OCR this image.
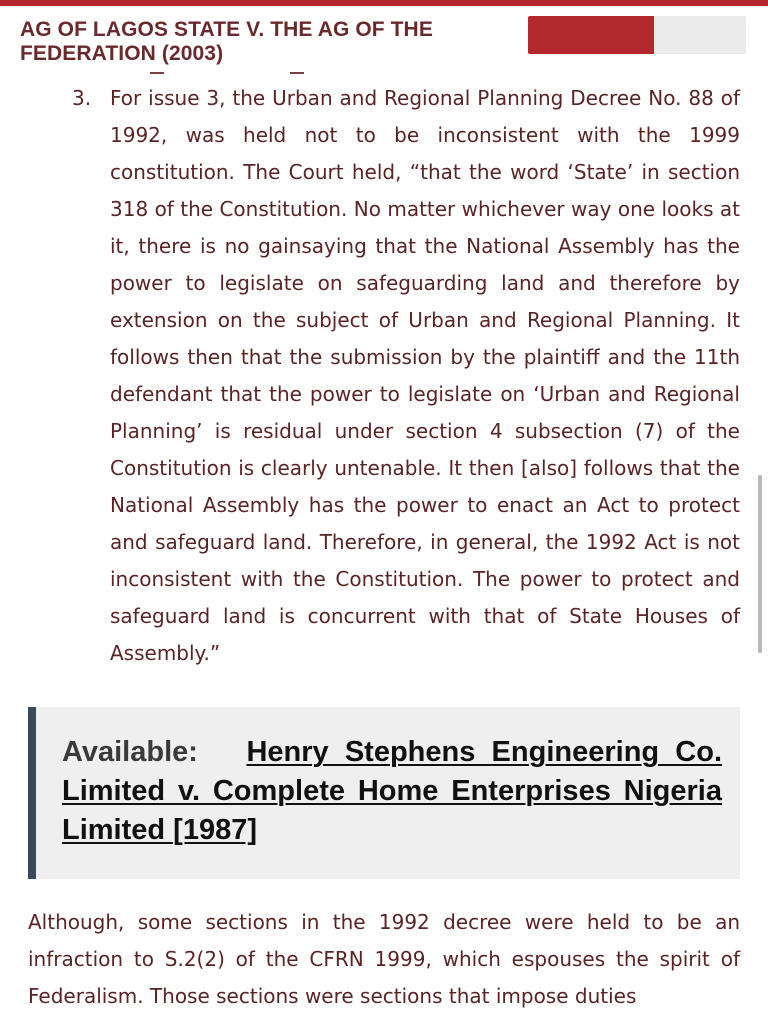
AG OF LAGOS STATE V. THE AG OF THE FEDERATION (2003)
3. For issue 3, the Urban and Regional Planning Decree No. 88 of 1992, was held not to be inconsistent with the 1999 constitution. The Court held, “that the word ‘State’ in section 318 of the Constitution. No matter whichever way one looks at it, there is no gainsaying that the National Assembly has the power to legislate on safeguarding land and therefore by extension on the subject of Urban and Regional Planning. It follows then that the submission by the plaintiff and the 11th defendant that the power to legislate on ‘Urban and Regional Planning’ is residual under section 4 subsection (7) of the Constitution is clearly untenable. It then [also] follows that the National Assembly has the power to enact an Act to protect and safeguard land. Therefore, in general, the 1992 Act is not inconsistent with the Constitution. The power to protect and safeguard land is concurrent with that of State Houses of Assembly.”

Available: Henry Stephens Engineering Co. Limited v. Complete Home Enterprises Nigeria Limited [1987]

Although, some sections in the 1992 decree were held to be an infraction to S.2(2) of the CFRN 1999, which espouses the spirit of Federalism. Those sections were sections that impose duties
